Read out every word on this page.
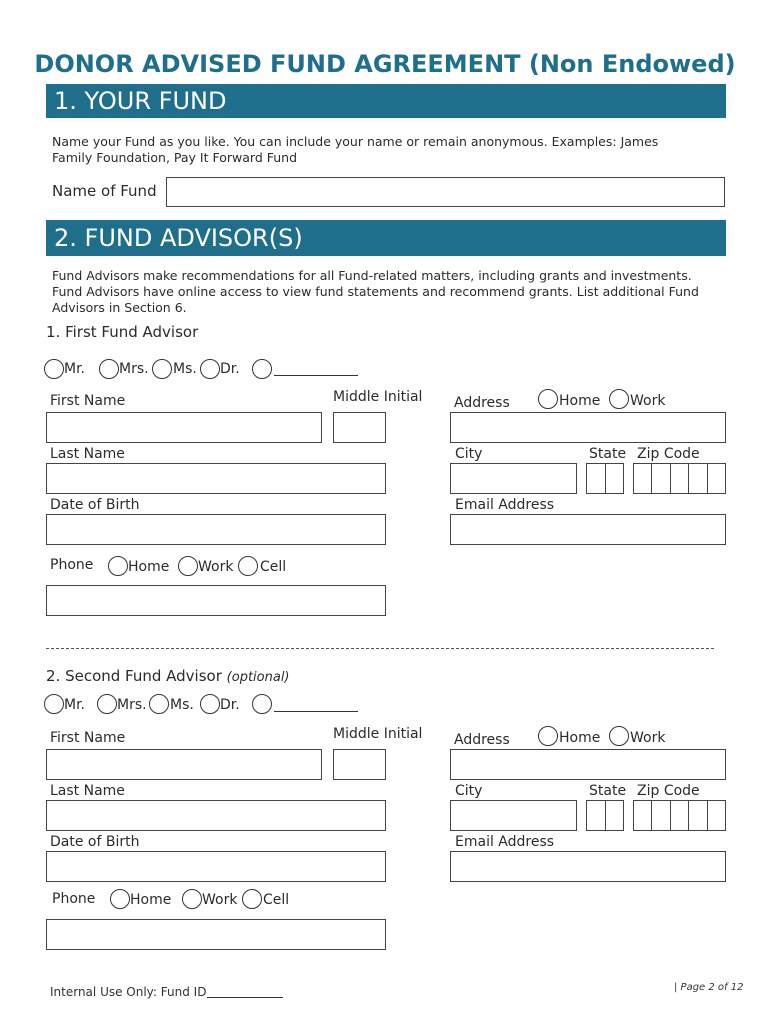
DONOR ADVISED FUND AGREEMENT (Non Endowed)
1. YOUR FUND
Name your Fund as you like. You can include your name or remain anonymous. Examples: James Family Foundation, Pay It Forward Fund
Name of Fund
2. FUND ADVISOR(S)
Fund Advisors make recommendations for all Fund-related matters, including grants and investments. Fund Advisors have online access to view fund statements and recommend grants. List additional Fund Advisors in Section 6.
1. First Fund Advisor
Mr. Mrs. Ms. Dr.
First Name	Middle Initial Address	Home Work
Last Name	City	State Zip Code
Date of Birth	Email Address
Phone Home Work Cell
2. Second Fund Advisor (optional)
Mr. Mrs. Ms. Dr.
First Name	Middle Initial Address	Home Work
Last Name	City	State Zip Code
Date of Birth	Email Address
Phone Home Work Cell
Internal Use Only: Fund ID	| Page 2 of 12
